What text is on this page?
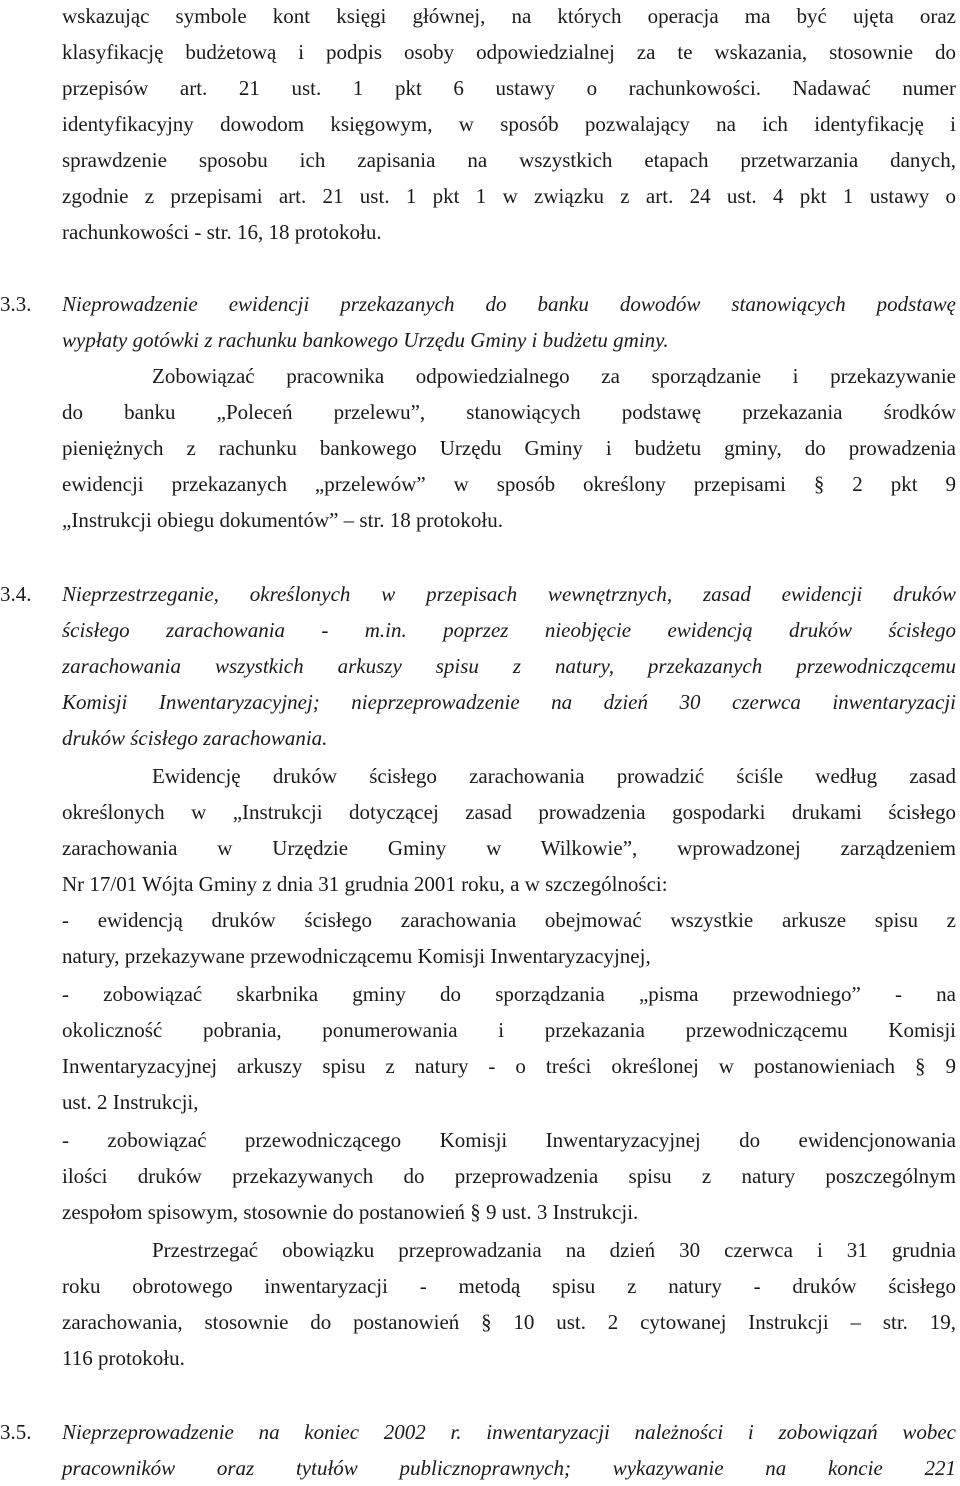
wskazując symbole kont księgi głównej, na których operacja ma być ujęta oraz
klasyfikację budżetową i podpis osoby odpowiedzialnej za te wskazania, stosownie do
przepisów art. 21 ust. 1 pkt 6 ustawy o rachunkowości. Nadawać numer
identyfikacyjny dowodom księgowym, w sposób pozwalający na ich identyfikację i
sprawdzenie sposobu ich zapisania na wszystkich etapach przetwarzania danych,
zgodnie z przepisami art. 21 ust. 1 pkt 1 w związku z art. 24 ust. 4 pkt 1 ustawy o
rachunkowości - str. 16, 18 protokołu.
3.3. Nieprowadzenie ewidencji przekazanych do banku dowodów stanowiących podstawę
wypłaty gotówki z rachunku bankowego Urzędu Gminy i budżetu gminy.
Zobowiązać pracownika odpowiedzialnego za sporządzanie i przekazywanie
do banku „Poleceń przelewu”, stanowiących podstawę przekazania środków
pieniężnych z rachunku bankowego Urzędu Gminy i budżetu gminy, do prowadzenia
ewidencji przekazanych „przelewów” w sposób określony przepisami § 2 pkt 9
„Instrukcji obiegu dokumentów” – str. 18 protokołu.
3.4. Nieprzestrzeganie, określonych w przepisach wewnętrznych, zasad ewidencji druków
ścisłego zarachowania - m.in. poprzez nieobjęcie ewidencją druków ścisłego
zarachowania wszystkich arkuszy spisu z natury, przekazanych przewodniczącemu
Komisji Inwentaryzacyjnej; nieprzeprowadzenie na dzień 30 czerwca inwentaryzacji
druków ścisłego zarachowania.
Ewidencję druków ścisłego zarachowania prowadzić ściśle według zasad
określonych w „Instrukcji dotyczącej zasad prowadzenia gospodarki drukami ścisłego
zarachowania w Urzędzie Gminy w Wilkowie”, wprowadzonej zarządzeniem
Nr 17/01 Wójta Gminy z dnia 31 grudnia 2001 roku, a w szczególności:
- ewidencją druków ścisłego zarachowania obejmować wszystkie arkusze spisu z
natury, przekazywane przewodniczącemu Komisji Inwentaryzacyjnej,
- zobowiązać skarbnika gminy do sporządzania „pisma przewodniego” - na
okoliczność pobrania, ponumerowania i przekazania przewodniczącemu Komisji
Inwentaryzacyjnej arkuszy spisu z natury - o treści określonej w postanowieniach § 9
ust. 2 Instrukcji,
- zobowiązać przewodniczącego Komisji Inwentaryzacyjnej do ewidencjonowania
ilości druków przekazywanych do przeprowadzenia spisu z natury poszczególnym
zespołom spisowym, stosownie do postanowień § 9 ust. 3 Instrukcji.
Przestrzegać obowiązku przeprowadzania na dzień 30 czerwca i 31 grudnia
roku obrotowego inwentaryzacji - metodą spisu z natury - druków ścisłego
zarachowania, stosownie do postanowień § 10 ust. 2 cytowanej Instrukcji – str. 19,
116 protokołu.
3.5. Nieprzeprowadzenie na koniec 2002 r. inwentaryzacji należności i zobowiązań wobec
pracowników oraz tytułów publicznoprawnych; wykazywanie na koncie 221
